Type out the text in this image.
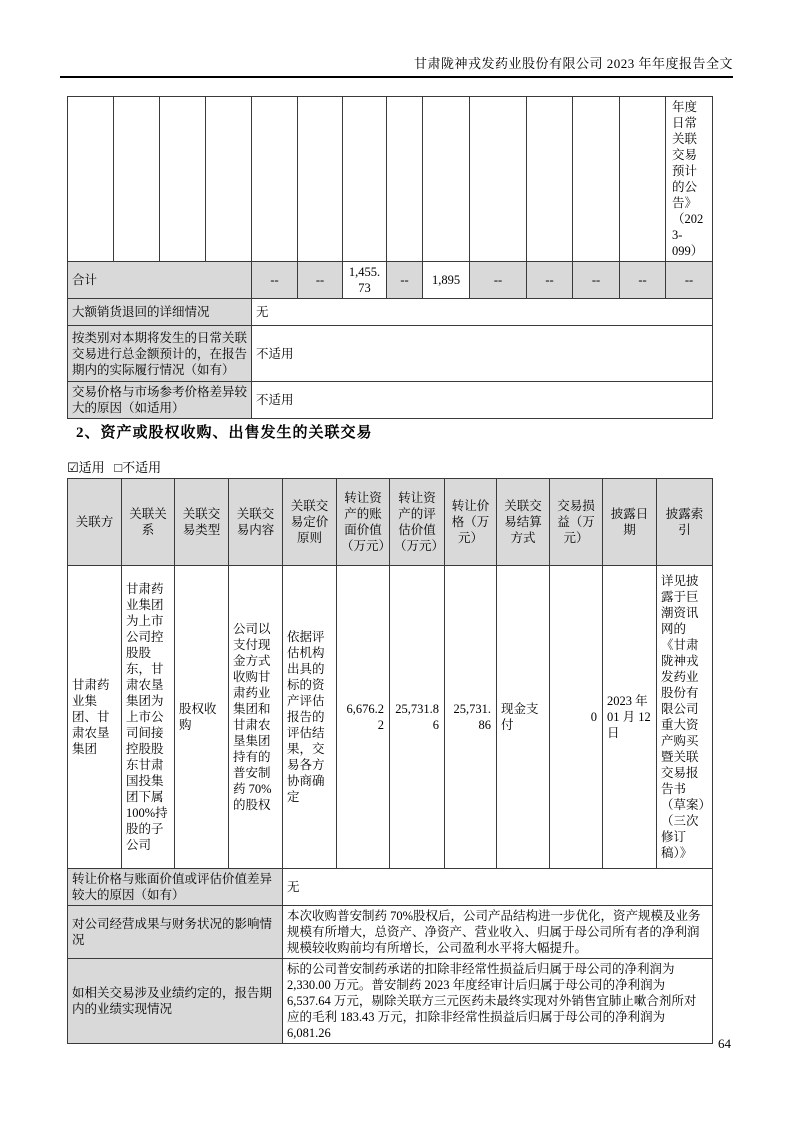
甘肃陇神戎发药业股份有限公司 2023 年年度报告全文
													年度日常关联交易预计的公告》（2023-099）
合计				--	--	1,455.73	--	1,895	--	--	--	--	--
大额销货退回的详细情况				无									
按类别对本期将发生的日常关联交易进行总金额预计的，在报告期内的实际履行情况（如有）				不适用									
交易价格与市场参考价格差异较大的原因（如适用）				不适用									
2、资产或股权收购、出售发生的关联交易
☑适用 □不适用
关联方	关联关系	关联交易类型	关联交易内容	关联交易定价原则	转让资产的账面价值（万元）	转让资产的评估价值（万元）	转让价格（万元）	关联交易结算方式	交易损益（万元）	披露日期	披露索引
甘肃药业集团、甘肃农垦集团	甘肃药业集团为上市公司控股股东，甘肃农垦集团为上市公司间接控股股东甘肃国投集团下属100%持股的子公司	股权收购	公司以支付现金方式收购甘肃药业集团和甘肃农垦集团持有的普安制药 70%的股权	依据评估机构出具的标的资产评估报告的评估结果，交易各方协商确定	6,676.22	25,731.86	25,731.86	现金支付	0	2023 年 01 月 12 日	详见披露于巨潮资讯网的《甘肃陇神戎发药业股份有限公司重大资产购买暨关联交易报告书（草案）（三次修订稿）》
转让价格与账面价值或评估价值差异较大的原因（如有）				无							
对公司经营成果与财务状况的影响情况				本次收购普安制药 70%股权后，公司产品结构进一步优化，资产规模及业务规模有所增大，总资产、净资产、营业收入、归属于母公司所有者的净利润规模较收购前均有所增长，公司盈利水平将大幅提升。							
如相关交易涉及业绩约定的，报告期内的业绩实现情况				标的公司普安制药承诺的扣除非经常性损益后归属于母公司的净利润为 2,330.00 万元。普安制药 2023 年度经审计后归属于母公司的净利润为 6,537.64 万元，剔除关联方三元医药未最终实现对外销售宜肺止嗽合剂所对应的毛利 183.43 万元，扣除非经常性损益后归属于母公司的净利润为 6,081.26							
64
